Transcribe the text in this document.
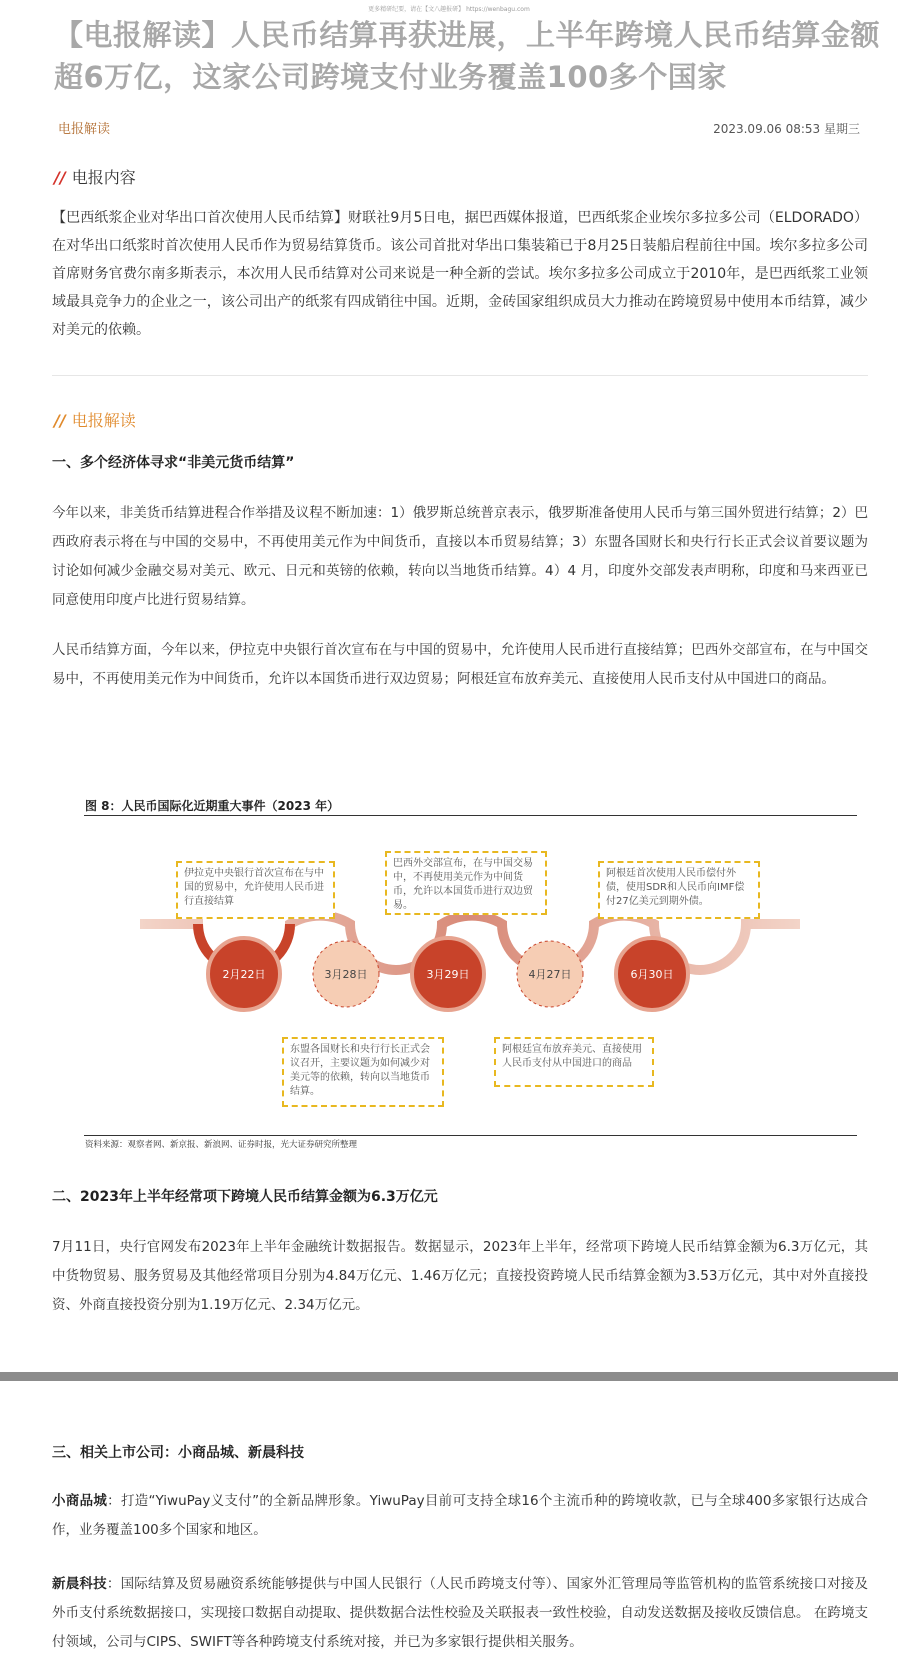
更多精研纪要，请在【文八趣报研】 https://wenbagu.com
【电报解读】人民币结算再获进展，上半年跨境人民币结算金额超6万亿，这家公司跨境支付业务覆盖100多个国家
电报解读	2023.09.06 08:53 星期三
// 电报内容

【巴西纸浆企业对华出口首次使用人民币结算】财联社9月5日电，据巴西媒体报道，巴西纸浆企业埃尔多拉多公司（ELDORADO）在对华出口纸浆时首次使用人民币作为贸易结算货币。该公司首批对华出口集装箱已于8月25日装船启程前往中国。埃尔多拉多公司首席财务官费尔南多斯表示，本次用人民币结算对公司来说是一种全新的尝试。埃尔多拉多公司成立于2010年，是巴西纸浆工业领域最具竞争力的企业之一，该公司出产的纸浆有四成销往中国。近期，金砖国家组织成员大力推动在跨境贸易中使用本币结算，减少对美元的依赖。

// 电报解读
一、多个经济体寻求“非美元货币结算”

今年以来，非美货币结算进程合作举措及议程不断加速：1）俄罗斯总统普京表示，俄罗斯准备使用人民币与第三国外贸进行结算；2）巴西政府表示将在与中国的交易中，不再使用美元作为中间货币，直接以本币贸易结算；3）东盟各国财长和央行行长正式会议首要议题为讨论如何减少金融交易对美元、欧元、日元和英镑的依赖，转向以当地货币结算。4）4 月，印度外交部发表声明称，印度和马来西亚已同意使用印度卢比进行贸易结算。

人民币结算方面，今年以来，伊拉克中央银行首次宣布在与中国的贸易中，允许使用人民币进行直接结算；巴西外交部宣布，在与中国交易中，不再使用美元作为中间货币，允许以本国货币进行双边贸易；阿根廷宣布放弃美元、直接使用人民币支付从中国进口的商品。

图 8：人民币国际化近期重大事件（2023 年）
2月22日	3月28日	3月29日	4月27日	6月30日
伊拉克中央银行首次宣布在与中国的贸易中，允许使用人民币进行直接结算
巴西外交部宣布，在与中国交易中，不再使用美元作为中间货币，允许以本国货币进行双边贸易。
阿根廷首次使用人民币偿付外债，使用SDR和人民币向IMF偿付27亿美元到期外债。
东盟各国财长和央行行长正式会议召开，主要议题为如何减少对美元等的依赖，转向以当地货币结算。
阿根廷宣布放弃美元、直接使用人民币支付从中国进口的商品
资料来源：观察者网、新京报、新浪网、证券时报，光大证券研究所整理
二、2023年上半年经常项下跨境人民币结算金额为6.3万亿元

7月11日，央行官网发布2023年上半年金融统计数据报告。数据显示，2023年上半年，经常项下跨境人民币结算金额为6.3万亿元，其中货物贸易、服务贸易及其他经常项目分别为4.84万亿元、1.46万亿元；直接投资跨境人民币结算金额为3.53万亿元，其中对外直接投资、外商直接投资分别为1.19万亿元、2.34万亿元。

三、相关上市公司：小商品城、新晨科技

小商品城：打造“YiwuPay义支付”的全新品牌形象。YiwuPay目前可支持全球16个主流币种的跨境收款，已与全球400多家银行达成合作，业务覆盖100多个国家和地区。

新晨科技：国际结算及贸易融资系统能够提供与中国人民银行（人民币跨境支付等）、国家外汇管理局等监管机构的监管系统接口对接及外币支付系统数据接口，实现接口数据自动提取、提供数据合法性校验及关联报表一致性校验，自动发送数据及接收反馈信息。 在跨境支付领域，公司与CIPS、SWIFT等各种跨境支付系统对接，并已为多家银行提供相关服务。
